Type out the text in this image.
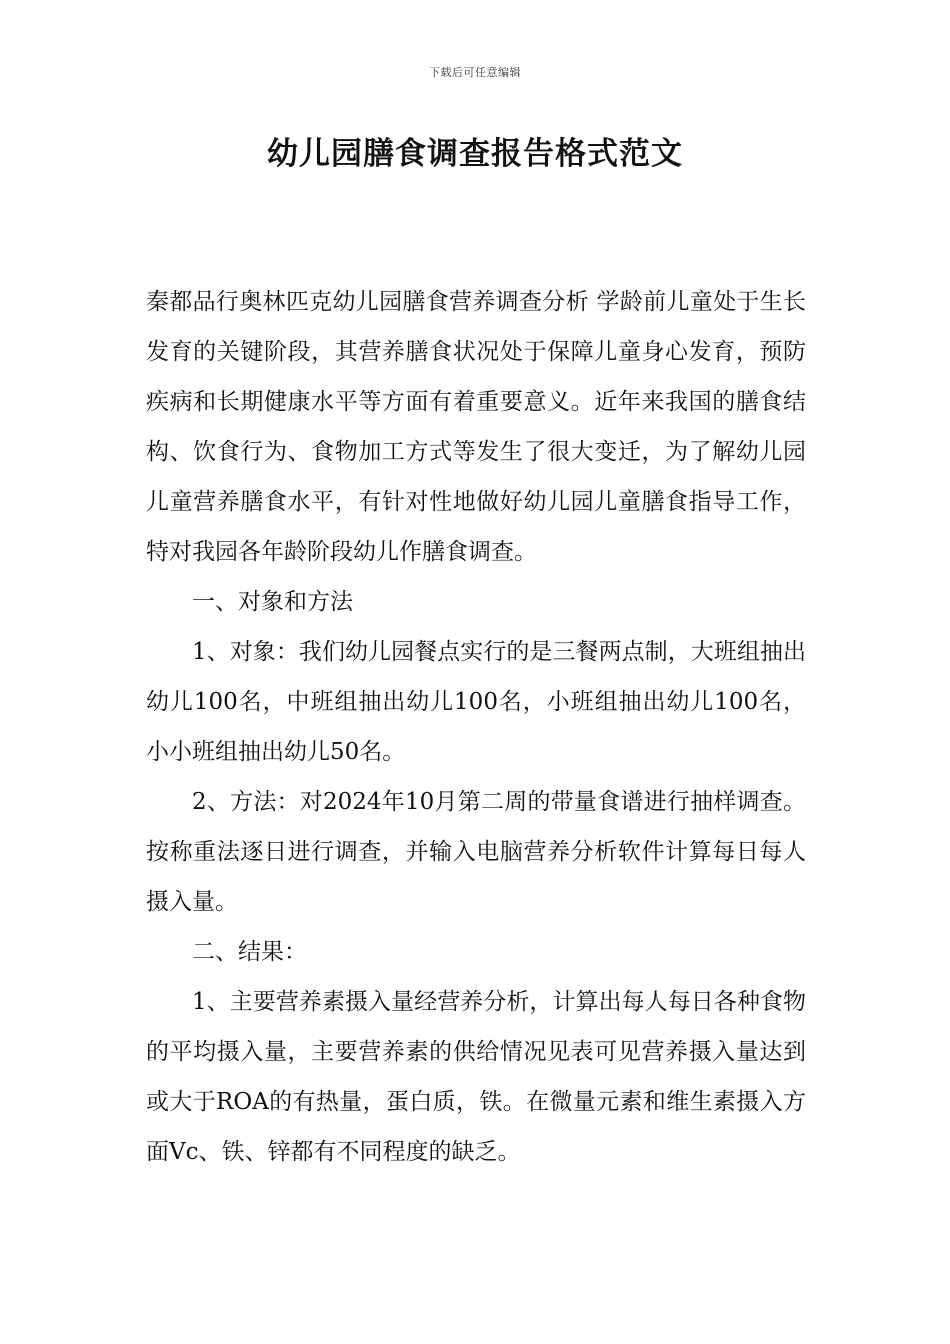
下载后可任意编辑
幼儿园膳食调查报告格式范文

秦都品行奥林匹克幼儿园膳食营养调查分析 学龄前儿童处于生长发育的关键阶段，其营养膳食状况处于保障儿童身心发育，预防疾病和长期健康水平等方面有着重要意义。近年来我国的膳食结构、饮食行为、食物加工方式等发生了很大变迁，为了解幼儿园儿童营养膳食水平，有针对性地做好幼儿园儿童膳食指导工作，特对我园各年龄阶段幼儿作膳食调查。

一、对象和方法

1、对象：我们幼儿园餐点实行的是三餐两点制，大班组抽出幼儿100名，中班组抽出幼儿100名，小班组抽出幼儿100名，小小班组抽出幼儿50名。

2、方法：对2024年10月第二周的带量食谱进行抽样调查。按称重法逐日进行调查，并输入电脑营养分析软件计算每日每人摄入量。

二、结果：

1、主要营养素摄入量经营养分析，计算出每人每日各种食物的平均摄入量，主要营养素的供给情况见表可见营养摄入量达到或大于ROA的有热量，蛋白质，铁。在微量元素和维生素摄入方面Vc、铁、锌都有不同程度的缺乏。
